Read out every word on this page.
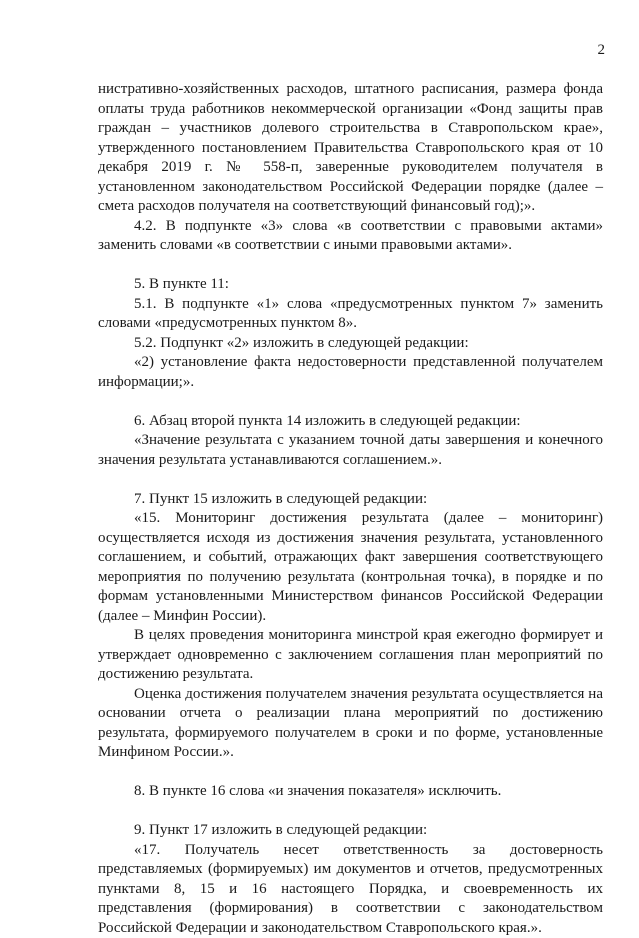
2

нистративно-хозяйственных расходов, штатного расписания, размера фонда оплаты труда работников некоммерческой организации «Фонд защиты прав граждан – участников долевого строительства в Ставропольском крае», утвержденного постановлением Правительства Ставропольского края от 10 декабря 2019 г. № 558-п, заверенные руководителем получателя в установленном законодательством Российской Федерации порядке (далее – смета расходов получателя на соответствующий финансовый год);».

4.2. В подпункте «3» слова «в соответствии с правовыми актами» заменить словами «в соответствии с иными правовыми актами».

5. В пункте 11:

5.1. В подпункте «1» слова «предусмотренных пунктом 7» заменить словами «предусмотренных пунктом 8».

5.2. Подпункт «2» изложить в следующей редакции:

«2) установление факта недостоверности представленной получателем информации;».

6. Абзац второй пункта 14 изложить в следующей редакции:

«Значение результата с указанием точной даты завершения и конечного значения результата устанавливаются соглашением.».

7. Пункт 15 изложить в следующей редакции:

«15. Мониторинг достижения результата (далее – мониторинг) осуществляется исходя из достижения значения результата, установленного соглашением, и событий, отражающих факт завершения соответствующего мероприятия по получению результата (контрольная точка), в порядке и по формам установленными Министерством финансов Российской Федерации (далее – Минфин России).

В целях проведения мониторинга минстрой края ежегодно формирует и утверждает одновременно с заключением соглашения план мероприятий по достижению результата.

Оценка достижения получателем значения результата осуществляется на основании отчета о реализации плана мероприятий по достижению результата, формируемого получателем в сроки и по форме, установленные Минфином России.».

8. В пункте 16 слова «и значения показателя» исключить.

9. Пункт 17 изложить в следующей редакции:

«17. Получатель несет ответственность за достоверность представляемых (формируемых) им документов и отчетов, предусмотренных пунктами 8, 15 и 16 настоящего Порядка, и своевременность их представления (формирования) в соответствии с законодательством Российской Федерации и законодательством Ставропольского края.».
